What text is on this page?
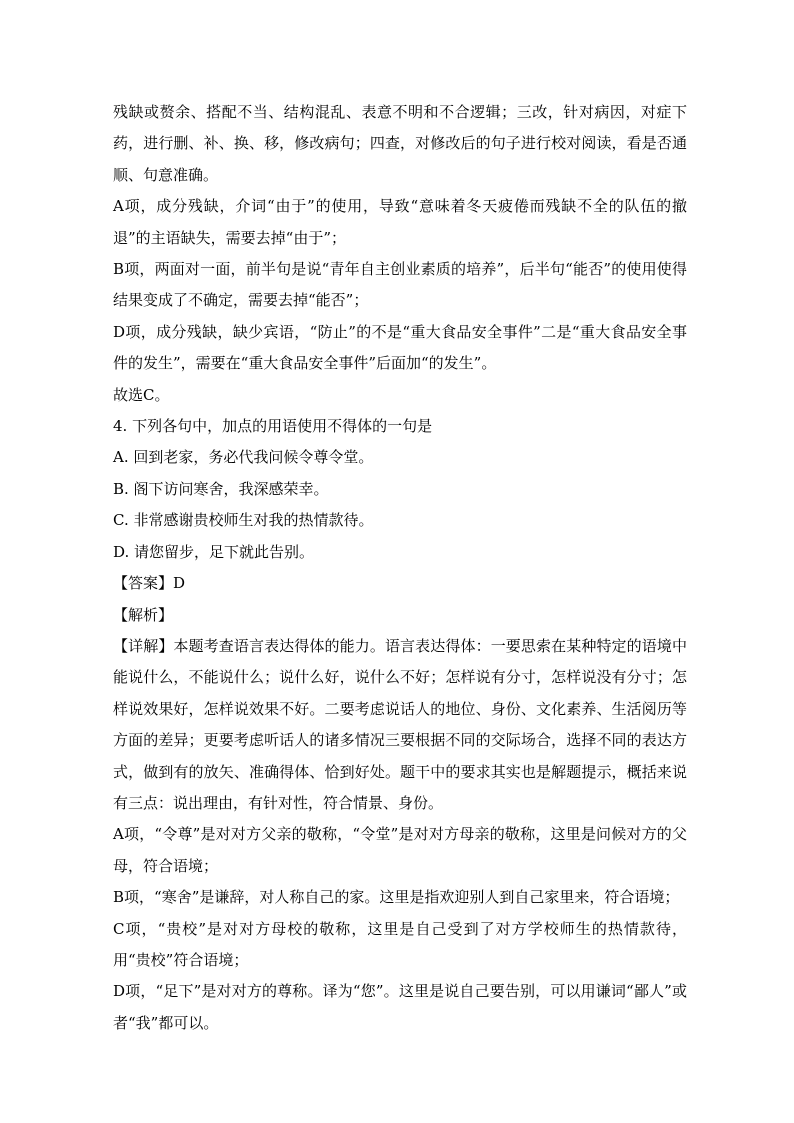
残缺或赘余、搭配不当、结构混乱、表意不明和不合逻辑；三改，针对病因，对症下药，进行删、补、换、移，修改病句；四查，对修改后的句子进行校对阅读，看是否通顺、句意准确。

A项，成分残缺，介词“由于”的使用，导致“意味着冬天疲倦而残缺不全的队伍的撤退”的主语缺失，需要去掉“由于”；

B项，两面对一面，前半句是说“青年自主创业素质的培养”，后半句“能否”的使用使得结果变成了不确定，需要去掉“能否”；

D项，成分残缺，缺少宾语，“防止”的不是“重大食品安全事件”二是“重大食品安全事件的发生”，需要在“重大食品安全事件”后面加“的发生”。

故选C。

4. 下列各句中，加点的用语使用不得体的一句是

A. 回到老家，务必代我问候令尊令堂。

B. 阁下访问寒舍，我深感荣幸。

C. 非常感谢贵校师生对我的热情款待。

D. 请您留步，足下就此告别。

【答案】D

【解析】

【详解】本题考查语言表达得体的能力。语言表达得体：一要思索在某种特定的语境中能说什么，不能说什么；说什么好，说什么不好；怎样说有分寸，怎样说没有分寸；怎样说效果好，怎样说效果不好。二要考虑说话人的地位、身份、文化素养、生活阅历等方面的差异；更要考虑听话人的诸多情况三要根据不同的交际场合，选择不同的表达方式，做到有的放矢、准确得体、恰到好处。题干中的要求其实也是解题提示，概括来说有三点：说出理由，有针对性，符合情景、身份。

A项，“令尊”是对对方父亲的敬称，“令堂”是对对方母亲的敬称，这里是问候对方的父母，符合语境；

B项，“寒舍”是谦辞，对人称自己的家。这里是指欢迎别人到自己家里来，符合语境；

C项，“贵校”是对对方母校的敬称，这里是自己受到了对方学校师生的热情款待，用“贵校”符合语境；

D项，“足下”是对对方的尊称。译为“您”。这里是说自己要告别，可以用谦词“鄙人”或者“我”都可以。
